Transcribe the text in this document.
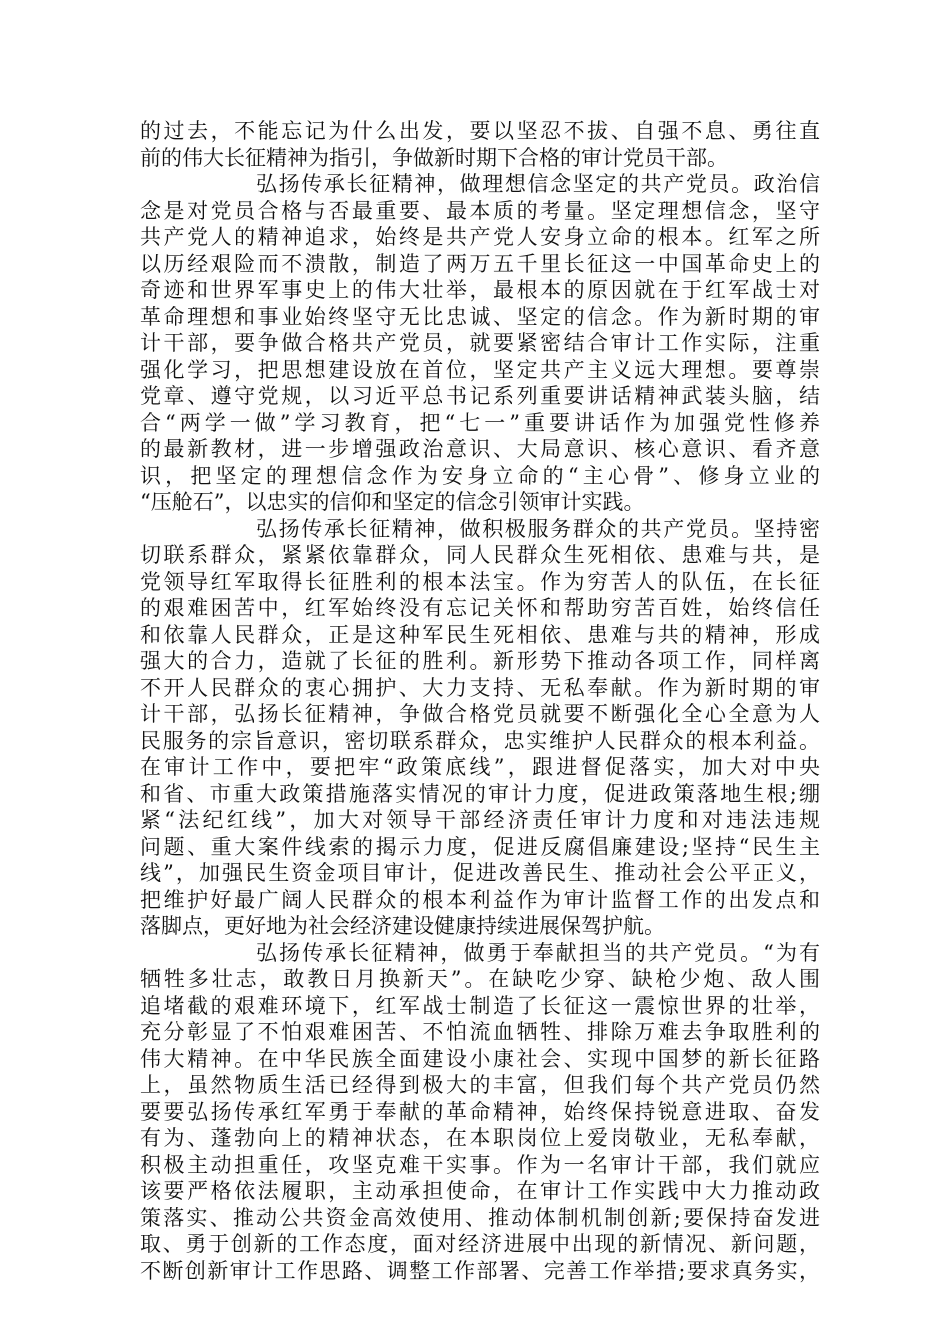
的过去，不能忘记为什么出发，要以坚忍不拔、自强不息、勇往直
前的伟大长征精神为指引，争做新时期下合格的审计党员干部。
弘扬传承长征精神，做理想信念坚定的共产党员。政治信
念是对党员合格与否最重要、最本质的考量。坚定理想信念，坚守
共产党人的精神追求，始终是共产党人安身立命的根本。红军之所
以历经艰险而不溃散，制造了两万五千里长征这一中国革命史上的
奇迹和世界军事史上的伟大壮举，最根本的原因就在于红军战士对
革命理想和事业始终坚守无比忠诚、坚定的信念。作为新时期的审
计干部，要争做合格共产党员，就要紧密结合审计工作实际，注重
强化学习，把思想建设放在首位，坚定共产主义远大理想。要尊崇
党章、遵守党规，以习近平总书记系列重要讲话精神武装头脑，结
合“两学一做”学习教育，把“七一”重要讲话作为加强党性修养
的最新教材，进一步增强政治意识、大局意识、核心意识、看齐意
识，把坚定的理想信念作为安身立命的“主心骨”、修身立业的
“压舱石”，以忠实的信仰和坚定的信念引领审计实践。
弘扬传承长征精神，做积极服务群众的共产党员。坚持密
切联系群众，紧紧依靠群众，同人民群众生死相依、患难与共，是
党领导红军取得长征胜利的根本法宝。作为穷苦人的队伍，在长征
的艰难困苦中，红军始终没有忘记关怀和帮助穷苦百姓，始终信任
和依靠人民群众，正是这种军民生死相依、患难与共的精神，形成
强大的合力，造就了长征的胜利。新形势下推动各项工作，同样离
不开人民群众的衷心拥护、大力支持、无私奉献。作为新时期的审
计干部，弘扬长征精神，争做合格党员就要不断强化全心全意为人
民服务的宗旨意识，密切联系群众，忠实维护人民群众的根本利益。
在审计工作中，要把牢“政策底线”，跟进督促落实，加大对中央
和省、市重大政策措施落实情况的审计力度，促进政策落地生根;绷
紧“法纪红线”，加大对领导干部经济责任审计力度和对违法违规
问题、重大案件线索的揭示力度，促进反腐倡廉建设;坚持“民生主
线”，加强民生资金项目审计，促进改善民生、推动社会公平正义，
把维护好最广阔人民群众的根本利益作为审计监督工作的出发点和
落脚点，更好地为社会经济建设健康持续进展保驾护航。
弘扬传承长征精神，做勇于奉献担当的共产党员。“为有
牺牲多壮志，敢教日月换新天”。在缺吃少穿、缺枪少炮、敌人围
追堵截的艰难环境下，红军战士制造了长征这一震惊世界的壮举，
充分彰显了不怕艰难困苦、不怕流血牺牲、排除万难去争取胜利的
伟大精神。在中华民族全面建设小康社会、实现中国梦的新长征路
上，虽然物质生活已经得到极大的丰富，但我们每个共产党员仍然
要要弘扬传承红军勇于奉献的革命精神，始终保持锐意进取、奋发
有为、蓬勃向上的精神状态，在本职岗位上爱岗敬业，无私奉献，
积极主动担重任，攻坚克难干实事。作为一名审计干部，我们就应
该要严格依法履职，主动承担使命，在审计工作实践中大力推动政
策落实、推动公共资金高效使用、推动体制机制创新;要保持奋发进
取、勇于创新的工作态度，面对经济进展中出现的新情况、新问题，
不断创新审计工作思路、调整工作部署、完善工作举措;要求真务实，
